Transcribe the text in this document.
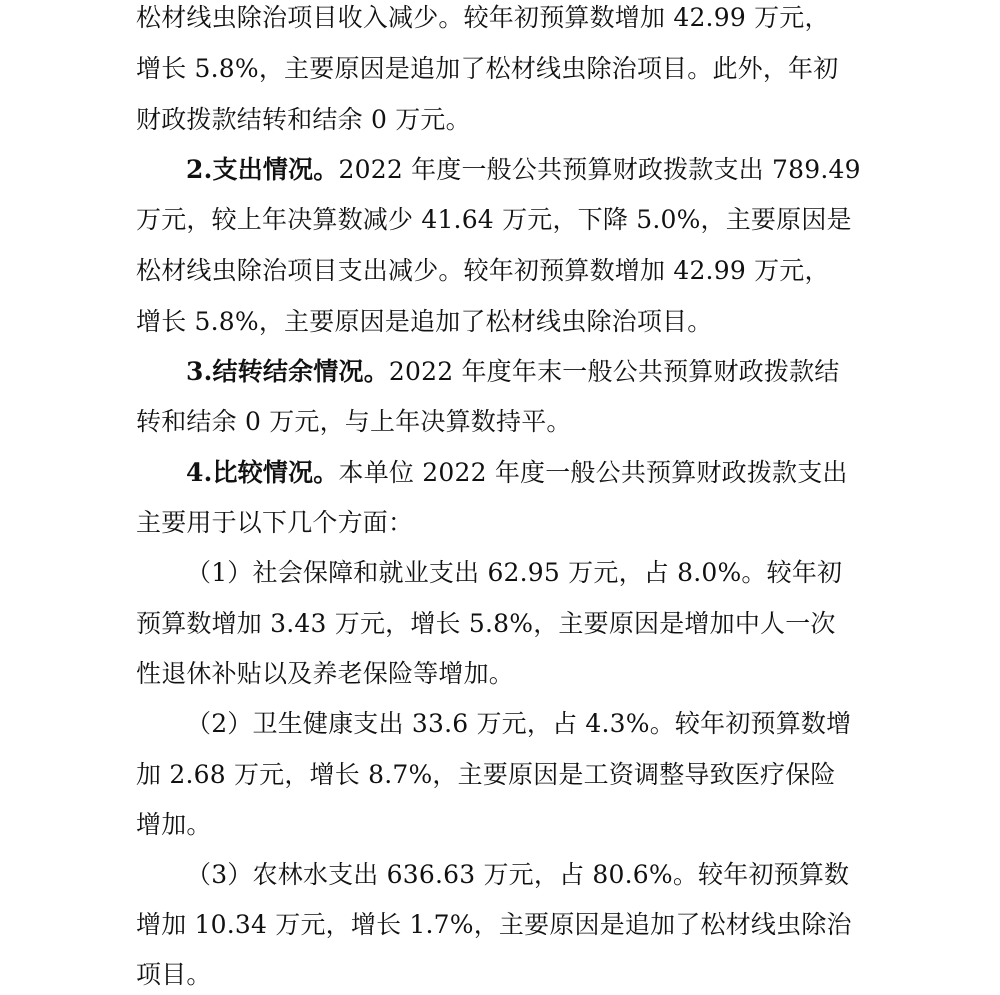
松材线虫除治项目收入减少。较年初预算数增加 42.99 万元，
增长 5.8%，主要原因是追加了松材线虫除治项目。此外，年初
财政拨款结转和结余 0 万元。
2.支出情况。2022 年度一般公共预算财政拨款支出 789.49
万元，较上年决算数减少 41.64 万元，下降 5.0%，主要原因是
松材线虫除治项目支出减少。较年初预算数增加 42.99 万元，
增长 5.8%，主要原因是追加了松材线虫除治项目。
3.结转结余情况。2022 年度年末一般公共预算财政拨款结
转和结余 0 万元，与上年决算数持平。
4.比较情况。本单位 2022 年度一般公共预算财政拨款支出
主要用于以下几个方面：
（1）社会保障和就业支出 62.95 万元，占 8.0%。较年初
预算数增加 3.43 万元，增长 5.8%，主要原因是增加中人一次
性退休补贴以及养老保险等增加。
（2）卫生健康支出 33.6 万元，占 4.3%。较年初预算数增
加 2.68 万元，增长 8.7%，主要原因是工资调整导致医疗保险
增加。
（3）农林水支出 636.63 万元，占 80.6%。较年初预算数
增加 10.34 万元，增长 1.7%，主要原因是追加了松材线虫除治
项目。
